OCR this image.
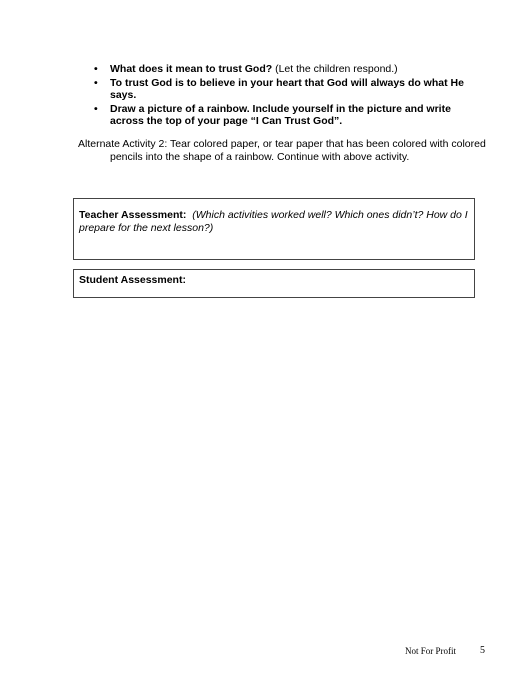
• What does it mean to trust God? (Let the children respond.)
• To trust God is to believe in your heart that God will always do what He says.
• Draw a picture of a rainbow. Include yourself in the picture and write across the top of your page “I Can Trust God”.

Alternate Activity 2: Tear colored paper, or tear paper that has been colored with colored pencils into the shape of a rainbow. Continue with above activity.

Teacher Assessment: (Which activities worked well? Which ones didn’t? How do I prepare for the next lesson?)
Student Assessment:
Not For Profit 5
